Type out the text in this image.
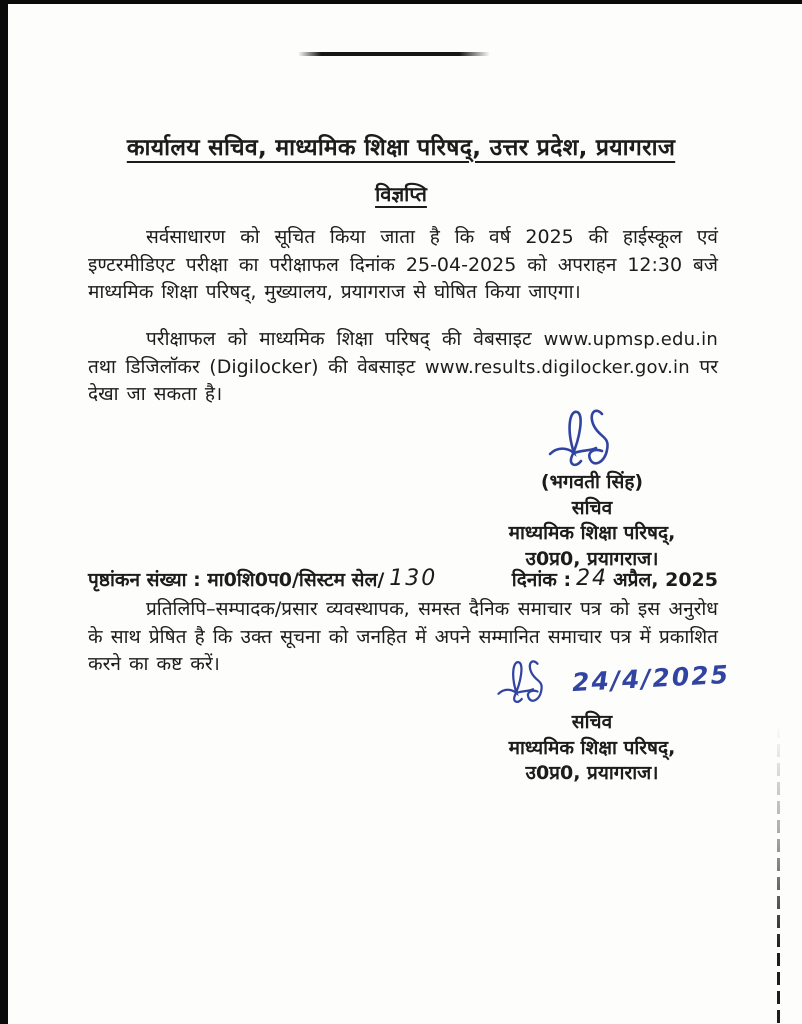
कार्यालय सचिव, माध्यमिक शिक्षा परिषद्, उत्तर प्रदेश, प्रयागराज
विज्ञप्ति
सर्वसाधारण को सूचित किया जाता है कि वर्ष 2025 की हाईस्कूल एवं इण्टरमीडिएट परीक्षा का परीक्षाफल दिनांक 25-04-2025 को अपराहन 12:30 बजे माध्यमिक शिक्षा परिषद्, मुख्यालय, प्रयागराज से घोषित किया जाएगा।
परीक्षाफल को माध्यमिक शिक्षा परिषद् की वेबसाइट www.upmsp.edu.in तथा डिजिलॉकर (Digilocker) की वेबसाइट www.results.digilocker.gov.in पर देखा जा सकता है।
(भगवती सिंह)
सचिव
माध्यमिक शिक्षा परिषद्,
उ0प्र0, प्रयागराज।
पृष्ठांकन संख्या : मा0शि0प0/सिस्टम सेल/ 130	दिनांक : 24 अप्रैल, 2025
प्रतिलिपि–सम्पादक/प्रसार व्यवस्थापक, समस्त दैनिक समाचार पत्र को इस अनुरोध के साथ प्रेषित है कि उक्त सूचना को जनहित में अपने सम्मानित समाचार पत्र में प्रकाशित करने का कष्ट करें।	24/4/2025
सचिव
माध्यमिक शिक्षा परिषद्,
उ0प्र0, प्रयागराज।
